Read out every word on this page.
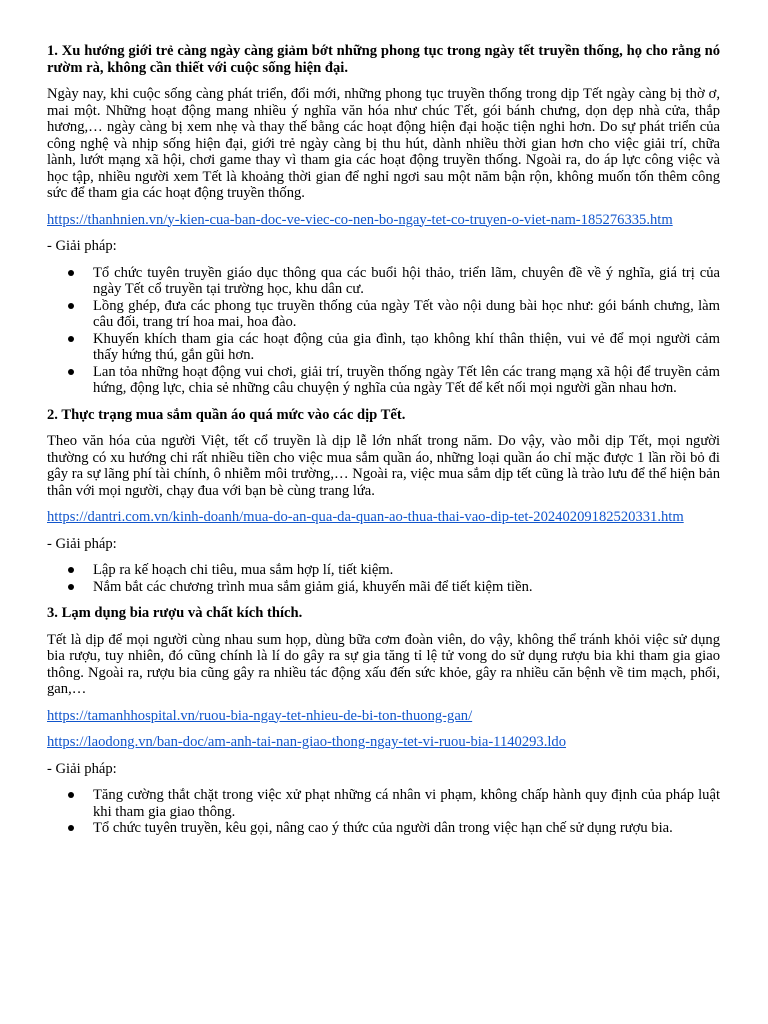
1. Xu hướng giới trẻ càng ngày càng giảm bớt những phong tục trong ngày tết truyền thống, họ cho rằng nó rườm rà, không cần thiết với cuộc sống hiện đại.

Ngày nay, khi cuộc sống càng phát triển, đổi mới, những phong tục truyền thống trong dịp Tết ngày càng bị thờ ơ, mai một. Những hoạt động mang nhiều ý nghĩa văn hóa như chúc Tết, gói bánh chưng, dọn dẹp nhà cửa, thắp hương,… ngày càng bị xem nhẹ và thay thế bằng các hoạt động hiện đại hoặc tiện nghi hơn. Do sự phát triển của công nghệ và nhịp sống hiện đại, giới trẻ ngày càng bị thu hút, dành nhiều thời gian hơn cho việc giải trí, chữa lành, lướt mạng xã hội, chơi game thay vì tham gia các hoạt động truyền thống. Ngoài ra, do áp lực công việc và học tập, nhiều người xem Tết là khoảng thời gian để nghỉ ngơi sau một năm bận rộn, không muốn tốn thêm công sức để tham gia các hoạt động truyền thống.

https://thanhnien.vn/y-kien-cua-ban-doc-ve-viec-co-nen-bo-ngay-tet-co-truyen-o-viet-nam-185276335.htm

- Giải pháp:

Tổ chức tuyên truyền giáo dục thông qua các buổi hội thảo, triển lãm, chuyên đề về ý nghĩa, giá trị của ngày Tết cổ truyền tại trường học, khu dân cư.
Lồng ghép, đưa các phong tục truyền thống của ngày Tết vào nội dung bài học như: gói bánh chưng, làm câu đối, trang trí hoa mai, hoa đào.
Khuyến khích tham gia các hoạt động của gia đình, tạo không khí thân thiện, vui vẻ để mọi người cảm thấy hứng thú, gắn gũi hơn.
Lan tỏa những hoạt động vui chơi, giải trí, truyền thống ngày Tết lên các trang mạng xã hội để truyền cảm hứng, động lực, chia sẻ những câu chuyện ý nghĩa của ngày Tết để kết nối mọi người gần nhau hơn.

2. Thực trạng mua sắm quần áo quá mức vào các dịp Tết.

Theo văn hóa của người Việt, tết cổ truyền là dịp lễ lớn nhất trong năm. Do vậy, vào mỗi dịp Tết, mọi người thường có xu hướng chi rất nhiều tiền cho việc mua sắm quần áo, những loại quần áo chỉ mặc được 1 lần rồi bỏ đi gây ra sự lãng phí tài chính, ô nhiễm môi trường,… Ngoài ra, việc mua sắm dịp tết cũng là trào lưu để thể hiện bản thân với mọi người, chạy đua với bạn bè cùng trang lứa.

https://dantri.com.vn/kinh-doanh/mua-do-an-qua-da-quan-ao-thua-thai-vao-dip-tet-20240209182520331.htm

- Giải pháp:

Lập ra kế hoạch chi tiêu, mua sắm hợp lí, tiết kiệm.
Nắm bắt các chương trình mua sắm giảm giá, khuyến mãi để tiết kiệm tiền.

3. Lạm dụng bia rượu và chất kích thích.

Tết là dịp để mọi người cùng nhau sum họp, dùng bữa cơm đoàn viên, do vậy, không thể tránh khỏi việc sử dụng bia rượu, tuy nhiên, đó cũng chính là lí do gây ra sự gia tăng tỉ lệ tử vong do sử dụng rượu bia khi tham gia giao thông. Ngoài ra, rượu bia cũng gây ra nhiều tác động xấu đến sức khỏe, gây ra nhiều căn bệnh về tim mạch, phổi, gan,…

https://tamanhhospital.vn/ruou-bia-ngay-tet-nhieu-de-bi-ton-thuong-gan/
https://laodong.vn/ban-doc/am-anh-tai-nan-giao-thong-ngay-tet-vi-ruou-bia-1140293.ldo

- Giải pháp:

Tăng cường thắt chặt trong việc xử phạt những cá nhân vi phạm, không chấp hành quy định của pháp luật khi tham gia giao thông.
Tổ chức tuyên truyền, kêu gọi, nâng cao ý thức của người dân trong việc hạn chế sử dụng rượu bia.
